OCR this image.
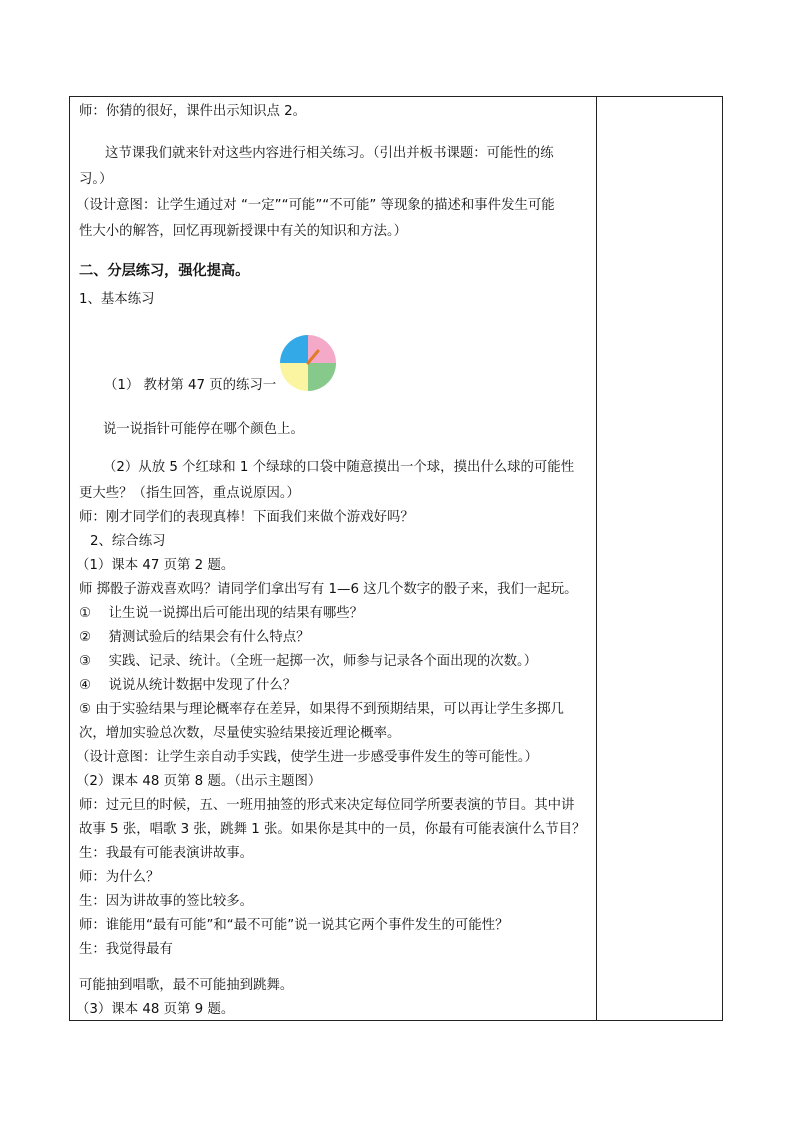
师：你猜的很好，课件出示知识点 2。
这节课我们就来针对这些内容进行相关练习。（引出并板书课题：可能性的练
习。）
（设计意图：让学生通过对 “一定”“可能”“不可能” 等现象的描述和事件发生可能
性大小的解答，回忆再现新授课中有关的知识和方法。）
二、分层练习，强化提高。
1、基本练习
（1） 教材第 47 页的练习一
说一说指针可能停在哪个颜色上。
（2）从放 5 个红球和 1 个绿球的口袋中随意摸出一个球，摸出什么球的可能性
更大些？（指生回答，重点说原因。）
师：刚才同学们的表现真棒！下面我们来做个游戏好吗？
2、综合练习
（1）课本 47 页第 2 题。
师 掷骰子游戏喜欢吗？请同学们拿出写有 1—6 这几个数字的骰子来，我们一起玩。
①　 让生说一说掷出后可能出现的结果有哪些？
②　 猜测试验后的结果会有什么特点？
③　 实践、记录、统计。（全班一起掷一次，师参与记录各个面出现的次数。）
④　 说说从统计数据中发现了什么？
⑤ 由于实验结果与理论概率存在差异，如果得不到预期结果，可以再让学生多掷几
次，增加实验总次数，尽量使实验结果接近理论概率。
（设计意图：让学生亲自动手实践，使学生进一步感受事件发生的等可能性。）
（2）课本 48 页第 8 题。（出示主题图）
师：过元旦的时候，五、一班用抽签的形式来决定每位同学所要表演的节目。其中讲
故事 5 张，唱歌 3 张，跳舞 1 张。如果你是其中的一员，你最有可能表演什么节目？
生：我最有可能表演讲故事。
师：为什么？
生：因为讲故事的签比较多。
师：谁能用“最有可能”和“最不可能”说一说其它两个事件发生的可能性？
生：我觉得最有
可能抽到唱歌，最不可能抽到跳舞。
（3）课本 48 页第 9 题。
